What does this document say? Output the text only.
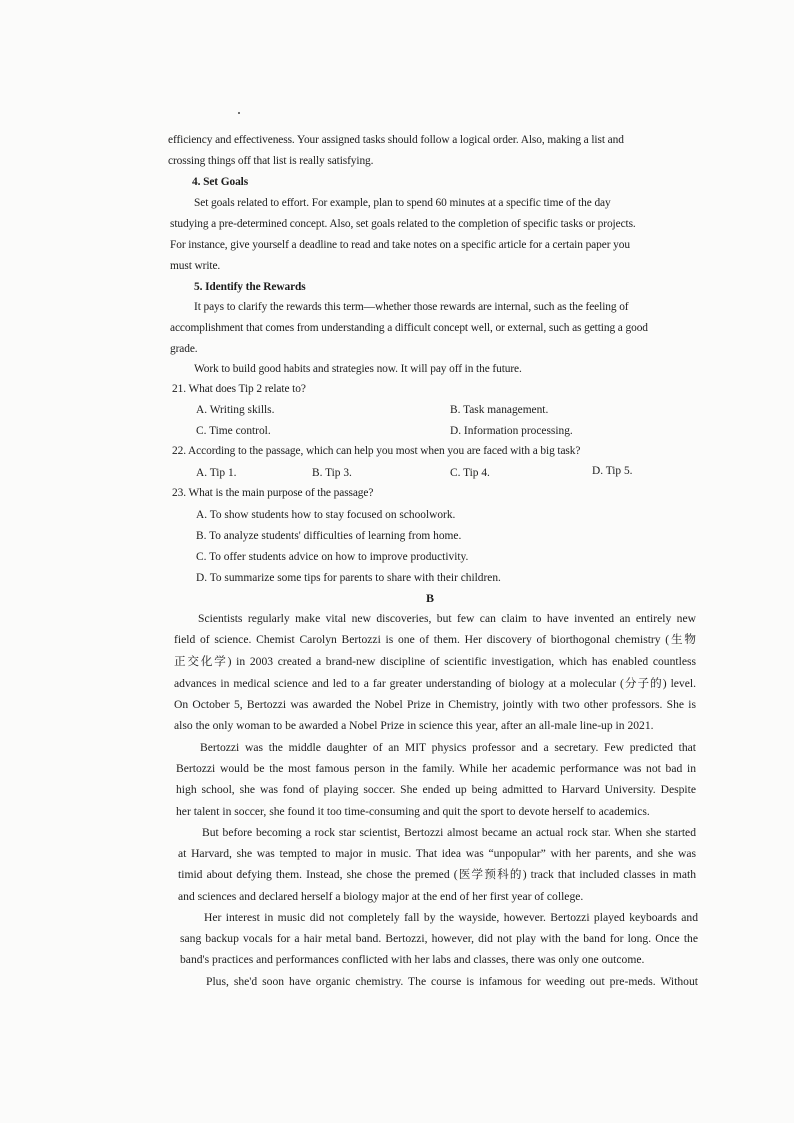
efficiency and effectiveness. Your assigned tasks should follow a logical order. Also, making a list and
crossing things off that list is really satisfying.
4. Set Goals
Set goals related to effort. For example, plan to spend 60 minutes at a specific time of the day
studying a pre-determined concept. Also, set goals related to the completion of specific tasks or projects.
For instance, give yourself a deadline to read and take notes on a specific article for a certain paper you
must write.
5. Identify the Rewards
It pays to clarify the rewards this term—whether those rewards are internal, such as the feeling of
accomplishment that comes from understanding a difficult concept well, or external, such as getting a good
grade.
Work to build good habits and strategies now. It will pay off in the future.
21. What does Tip 2 relate to?
A. Writing skills.	B. Task management.
C. Time control.	D. Information processing.
22. According to the passage, which can help you most when you are faced with a big task?
A. Tip 1.	B. Tip 3.	C. Tip 4.	D. Tip 5.
23. What is the main purpose of the passage?
A. To show students how to stay focused on schoolwork.
B. To analyze students' difficulties of learning from home.
C. To offer students advice on how to improve productivity.
D. To summarize some tips for parents to share with their children.
B
Scientists regularly make vital new discoveries, but few can claim to have invented an entirely new
field of science. Chemist Carolyn Bertozzi is one of them. Her discovery of biorthogonal chemistry (生物
正交化学) in 2003 created a brand-new discipline of scientific investigation, which has enabled countless
advances in medical science and led to a far greater understanding of biology at a molecular (分子的) level.
On October 5, Bertozzi was awarded the Nobel Prize in Chemistry, jointly with two other professors. She is
also the only woman to be awarded a Nobel Prize in science this year, after an all-male line-up in 2021.
Bertozzi was the middle daughter of an MIT physics professor and a secretary. Few predicted that
Bertozzi would be the most famous person in the family. While her academic performance was not bad in
high school, she was fond of playing soccer. She ended up being admitted to Harvard University. Despite
her talent in soccer, she found it too time-consuming and quit the sport to devote herself to academics.
But before becoming a rock star scientist, Bertozzi almost became an actual rock star. When she started
at Harvard, she was tempted to major in music. That idea was “unpopular” with her parents, and she was
timid about defying them. Instead, she chose the premed (医学预科的) track that included classes in math
and sciences and declared herself a biology major at the end of her first year of college.
Her interest in music did not completely fall by the wayside, however. Bertozzi played keyboards and
sang backup vocals for a hair metal band. Bertozzi, however, did not play with the band for long. Once the
band's practices and performances conflicted with her labs and classes, there was only one outcome.
Plus, she'd soon have organic chemistry. The course is infamous for weeding out pre-meds. Without
